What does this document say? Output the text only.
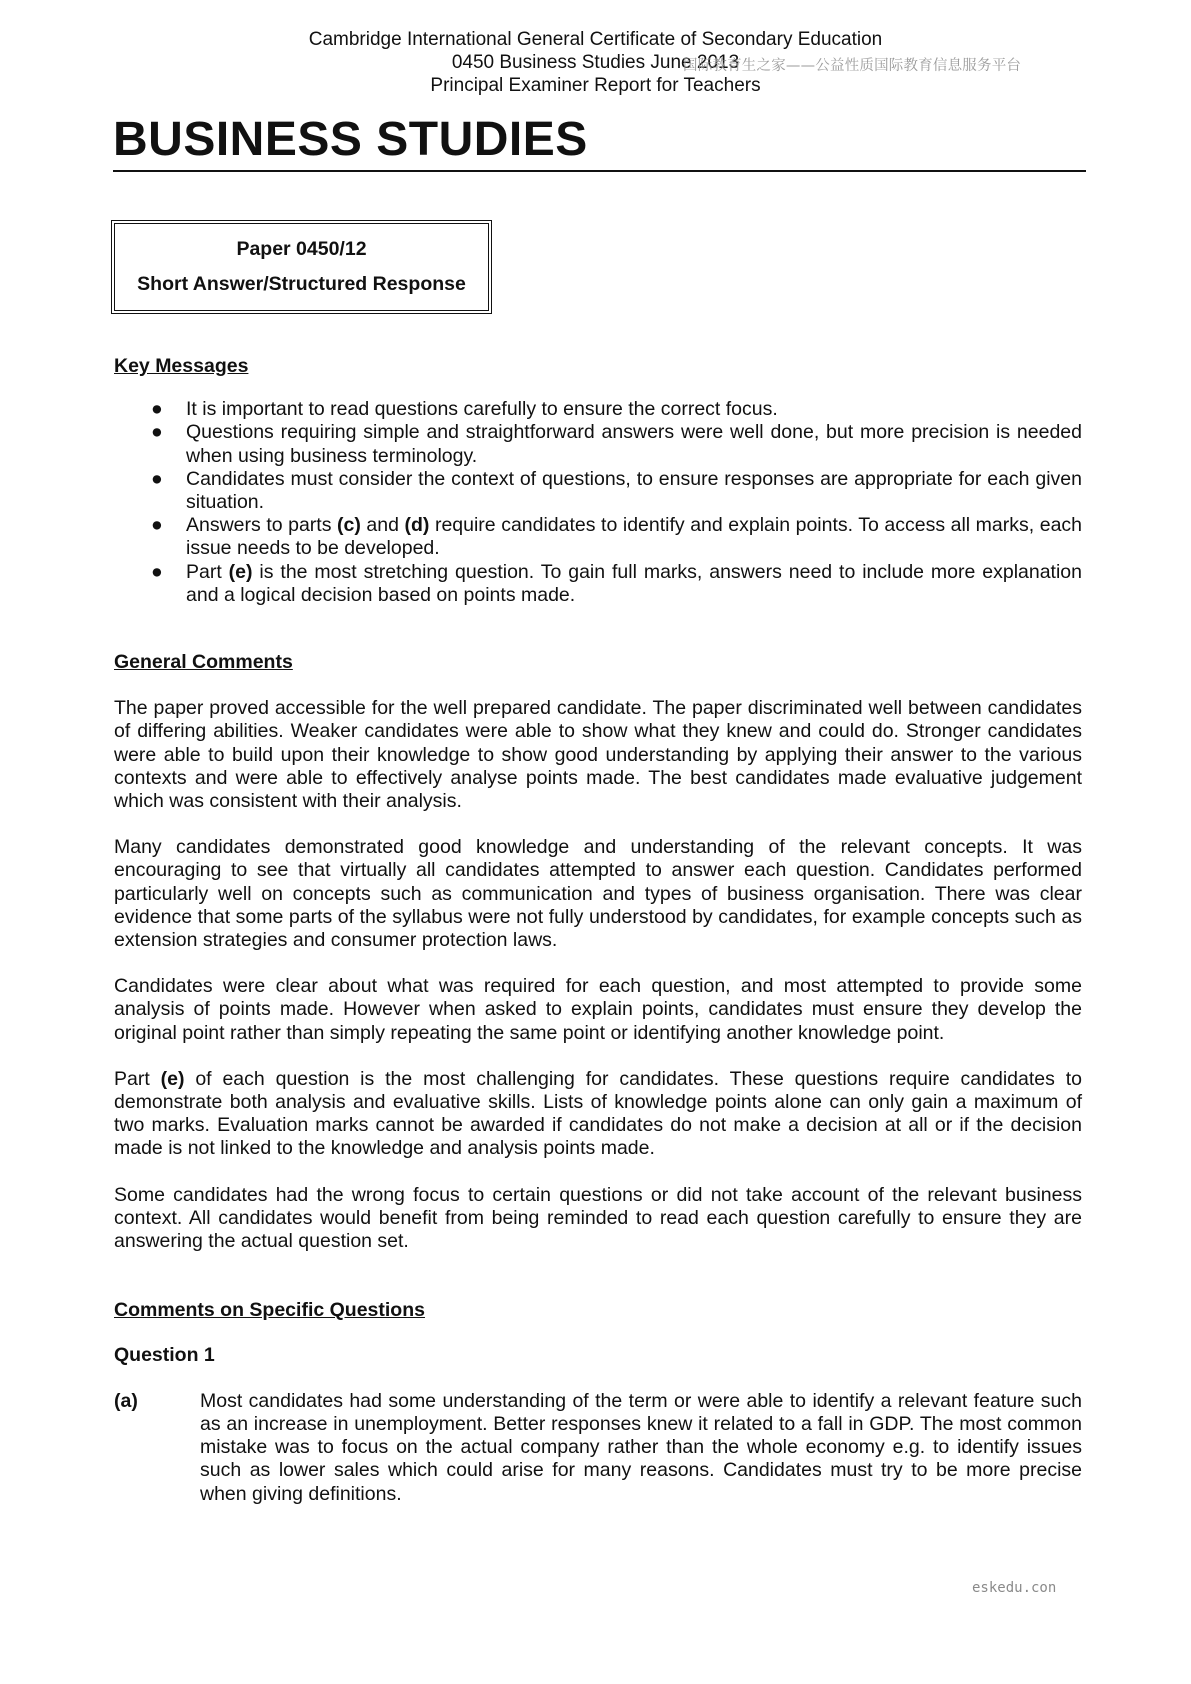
Cambridge International General Certificate of Secondary Education
0450 Business Studies June 2013
Principal Examiner Report for Teachers
国际教育生之家——公益性质国际教育信息服务平台
BUSINESS STUDIES
Paper 0450/12
Short Answer/Structured Response

Key Messages

● It is important to read questions carefully to ensure the correct focus.
● Questions requiring simple and straightforward answers were well done, but more precision is needed when using business terminology.
● Candidates must consider the context of questions, to ensure responses are appropriate for each given situation.
● Answers to parts (c) and (d) require candidates to identify and explain points. To access all marks, each issue needs to be developed.
● Part (e) is the most stretching question. To gain full marks, answers need to include more explanation and a logical decision based on points made.

General Comments

The paper proved accessible for the well prepared candidate. The paper discriminated well between candidates of differing abilities. Weaker candidates were able to show what they knew and could do. Stronger candidates were able to build upon their knowledge to show good understanding by applying their answer to the various contexts and were able to effectively analyse points made. The best candidates made evaluative judgement which was consistent with their analysis.

Many candidates demonstrated good knowledge and understanding of the relevant concepts. It was encouraging to see that virtually all candidates attempted to answer each question. Candidates performed particularly well on concepts such as communication and types of business organisation. There was clear evidence that some parts of the syllabus were not fully understood by candidates, for example concepts such as extension strategies and consumer protection laws.

Candidates were clear about what was required for each question, and most attempted to provide some analysis of points made. However when asked to explain points, candidates must ensure they develop the original point rather than simply repeating the same point or identifying another knowledge point.

Part (e) of each question is the most challenging for candidates. These questions require candidates to demonstrate both analysis and evaluative skills. Lists of knowledge points alone can only gain a maximum of two marks. Evaluation marks cannot be awarded if candidates do not make a decision at all or if the decision made is not linked to the knowledge and analysis points made.

Some candidates had the wrong focus to certain questions or did not take account of the relevant business context. All candidates would benefit from being reminded to read each question carefully to ensure they are answering the actual question set.

Comments on Specific Questions

Question 1

(a)	Most candidates had some understanding of the term or were able to identify a relevant feature such as an increase in unemployment. Better responses knew it related to a fall in GDP. The most common mistake was to focus on the actual company rather than the whole economy e.g. to identify issues such as lower sales which could arise for many reasons. Candidates must try to be more precise when giving definitions.
eskedu.con
